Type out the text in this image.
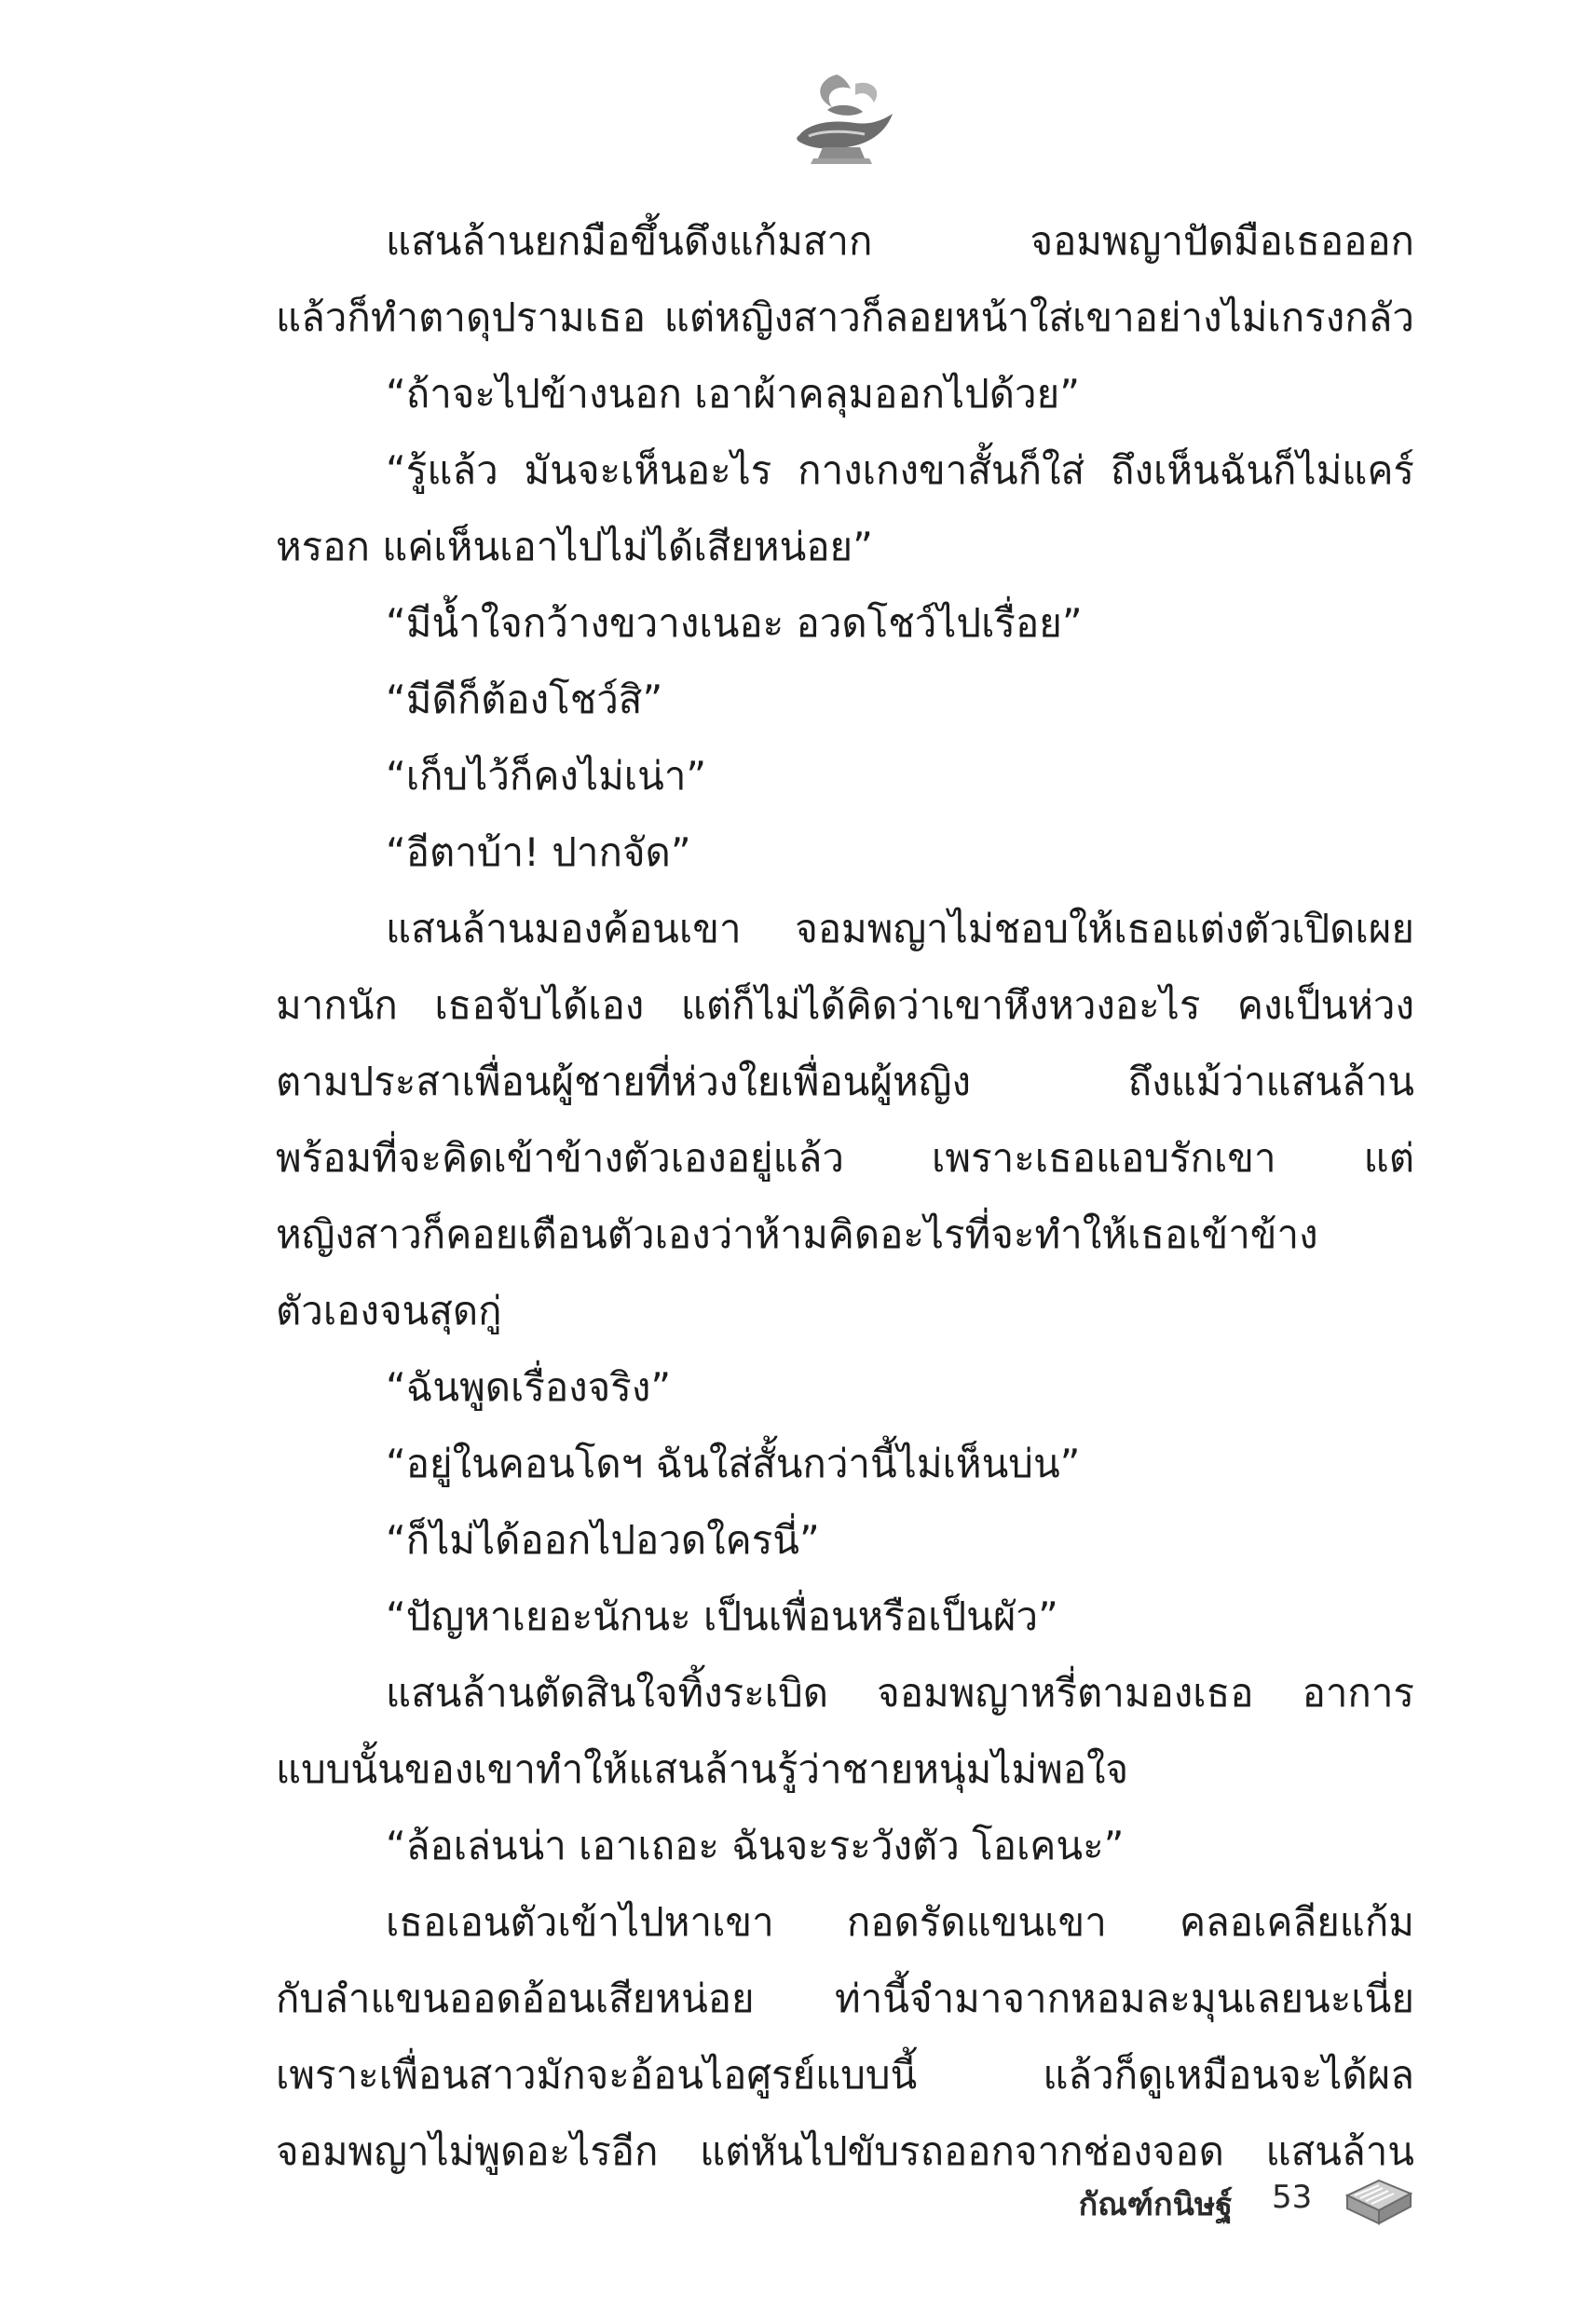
แสนล้านยกมือขึ้นดึงแก้มสาก จอมพญาปัดมือเธอออก
แล้วก็ทำตาดุปรามเธอ แต่หญิงสาวก็ลอยหน้าใส่เขาอย่างไม่เกรงกลัว
“ถ้าจะไปข้างนอก เอาผ้าคลุมออกไปด้วย”
“รู้แล้ว มันจะเห็นอะไร กางเกงขาสั้นก็ใส่ ถึงเห็นฉันก็ไม่แคร์
หรอก แค่เห็นเอาไปไม่ได้เสียหน่อย”
“มีน้ำใจกว้างขวางเนอะ อวดโชว์ไปเรื่อย”
“มีดีก็ต้องโชว์สิ”
“เก็บไว้ก็คงไม่เน่า”
“อีตาบ้า! ปากจัด”
แสนล้านมองค้อนเขา จอมพญาไม่ชอบให้เธอแต่งตัวเปิดเผย
มากนัก เธอจับได้เอง แต่ก็ไม่ได้คิดว่าเขาหึงหวงอะไร คงเป็นห่วง
ตามประสาเพื่อนผู้ชายที่ห่วงใยเพื่อนผู้หญิง ถึงแม้ว่าแสนล้าน
พร้อมที่จะคิดเข้าข้างตัวเองอยู่แล้ว เพราะเธอแอบรักเขา แต่
หญิงสาวก็คอยเตือนตัวเองว่าห้ามคิดอะไรที่จะทำให้เธอเข้าข้าง
ตัวเองจนสุดกู่
“ฉันพูดเรื่องจริง”
“อยู่ในคอนโดฯ ฉันใส่สั้นกว่านี้ไม่เห็นบ่น”
“ก็ไม่ได้ออกไปอวดใครนี่”
“ปัญหาเยอะนักนะ เป็นเพื่อนหรือเป็นผัว”
แสนล้านตัดสินใจทิ้งระเบิด จอมพญาหรี่ตามองเธอ อาการ
แบบนั้นของเขาทำให้แสนล้านรู้ว่าชายหนุ่มไม่พอใจ
“ล้อเล่นน่า เอาเถอะ ฉันจะระวังตัว โอเคนะ”
เธอเอนตัวเข้าไปหาเขา กอดรัดแขนเขา คลอเคลียแก้ม
กับลำแขนออดอ้อนเสียหน่อย ท่านี้จำมาจากหอมละมุนเลยนะเนี่ย
เพราะเพื่อนสาวมักจะอ้อนไอศูรย์แบบนี้ แล้วก็ดูเหมือนจะได้ผล
จอมพญาไม่พูดอะไรอีก แต่หันไปขับรถออกจากช่องจอด แสนล้าน
กัณฑ์กนิษฐ์ 53
